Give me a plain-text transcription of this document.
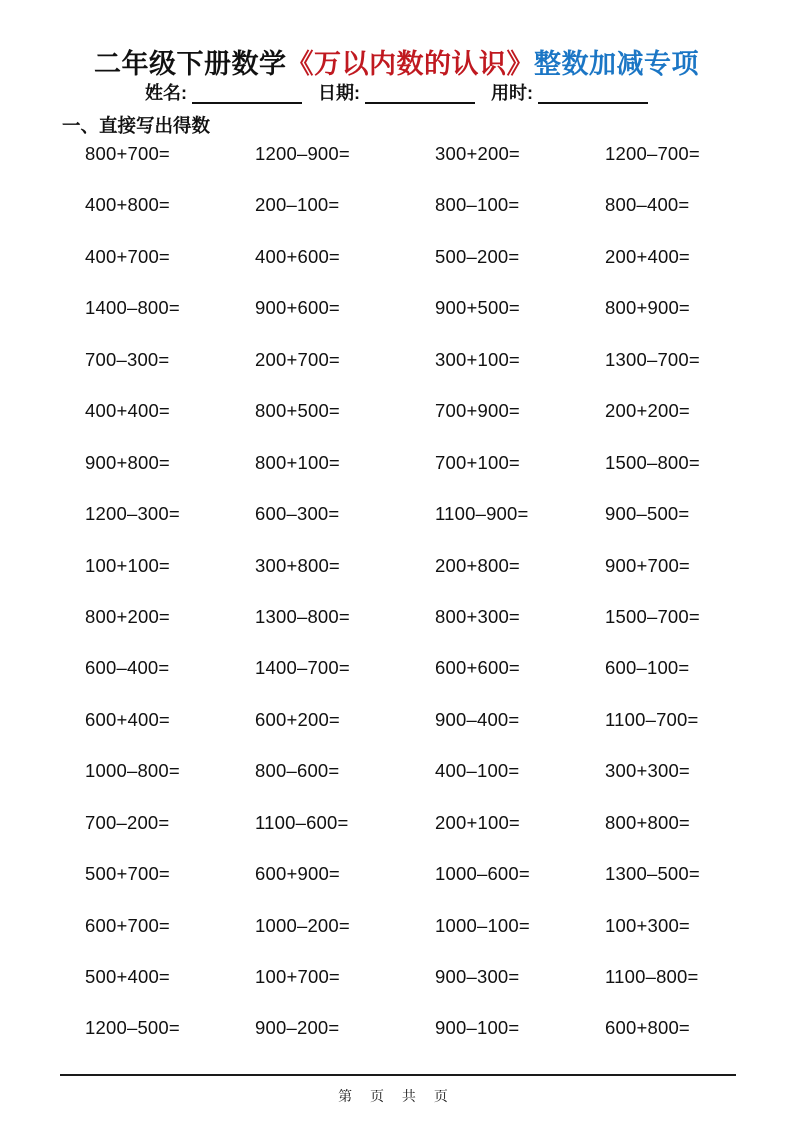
二年级下册数学《万以内数的认识》整数加减专项
姓名:	日期:	用时:
一、直接写出得数
800+700=	1200–900=	300+200=	1200–700=
400+800=	200–100=	800–100=	800–400=
400+700=	400+600=	500–200=	200+400=
1400–800=	900+600=	900+500=	800+900=
700–300=	200+700=	300+100=	1300–700=
400+400=	800+500=	700+900=	200+200=
900+800=	800+100=	700+100=	1500–800=
1200–300=	600–300=	1100–900=	900–500=
100+100=	300+800=	200+800=	900+700=
800+200=	1300–800=	800+300=	1500–700=
600–400=	1400–700=	600+600=	600–100=
600+400=	600+200=	900–400=	1100–700=
1000–800=	800–600=	400–100=	300+300=
700–200=	1100–600=	200+100=	800+800=
500+700=	600+900=	1000–600=	1300–500=
600+700=	1000–200=	1000–100=	100+300=
500+400=	100+700=	900–300=	1100–800=
1200–500=	900–200=	900–100=	600+800=
第 页 共 页
